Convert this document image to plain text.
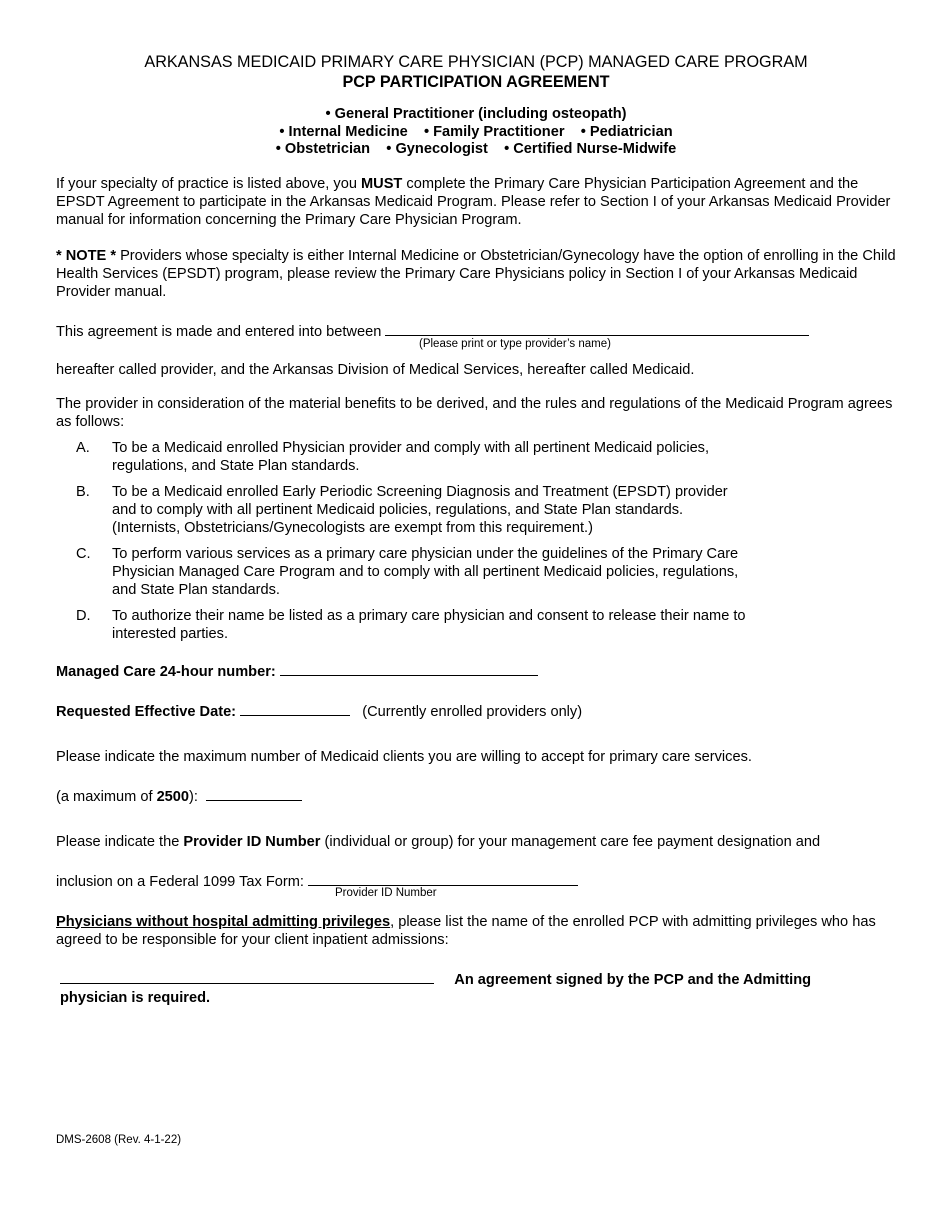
ARKANSAS MEDICAID PRIMARY CARE PHYSICIAN (PCP) MANAGED CARE PROGRAM
PCP PARTICIPATION AGREEMENT
• General Practitioner (including osteopath)
• Internal Medicine • Family Practitioner • Pediatrician
• Obstetrician • Gynecologist • Certified Nurse-Midwife

If your specialty of practice is listed above, you MUST complete the Primary Care Physician Participation Agreement and the EPSDT Agreement to participate in the Arkansas Medicaid Program. Please refer to Section I of your Arkansas Medicaid Provider manual for information concerning the Primary Care Physician Program.

* NOTE * Providers whose specialty is either Internal Medicine or Obstetrician/Gynecology have the option of enrolling in the Child Health Services (EPSDT) program, please review the Primary Care Physicians policy in Section I of your Arkansas Medicaid Provider manual.

This agreement is made and entered into between
(Please print or type provider’s name)

hereafter called provider, and the Arkansas Division of Medical Services, hereafter called Medicaid.

The provider in consideration of the material benefits to be derived, and the rules and regulations of the Medicaid Program agrees as follows:

A.	To be a Medicaid enrolled Physician provider and comply with all pertinent Medicaid policies, regulations, and State Plan standards.
B.	To be a Medicaid enrolled Early Periodic Screening Diagnosis and Treatment (EPSDT) provider and to comply with all pertinent Medicaid policies, regulations, and State Plan standards. (Internists, Obstetricians/Gynecologists are exempt from this requirement.)
C.	To perform various services as a primary care physician under the guidelines of the Primary Care Physician Managed Care Program and to comply with all pertinent Medicaid policies, regulations, and State Plan standards.
D.	To authorize their name be listed as a primary care physician and consent to release their name to interested parties.
Managed Care 24-hour number:
Requested Effective Date:	(Currently enrolled providers only)

Please indicate the maximum number of Medicaid clients you are willing to accept for primary care services.

(a maximum of 2500):

Please indicate the Provider ID Number (individual or group) for your management care fee payment designation and

inclusion on a Federal 1099 Tax Form:
Provider ID Number

Physicians without hospital admitting privileges, please list the name of the enrolled PCP with admitting privileges who has agreed to be responsible for your client inpatient admissions:

An agreement signed by the PCP and the Admitting
physician is required.
DMS-2608 (Rev. 4-1-22)
